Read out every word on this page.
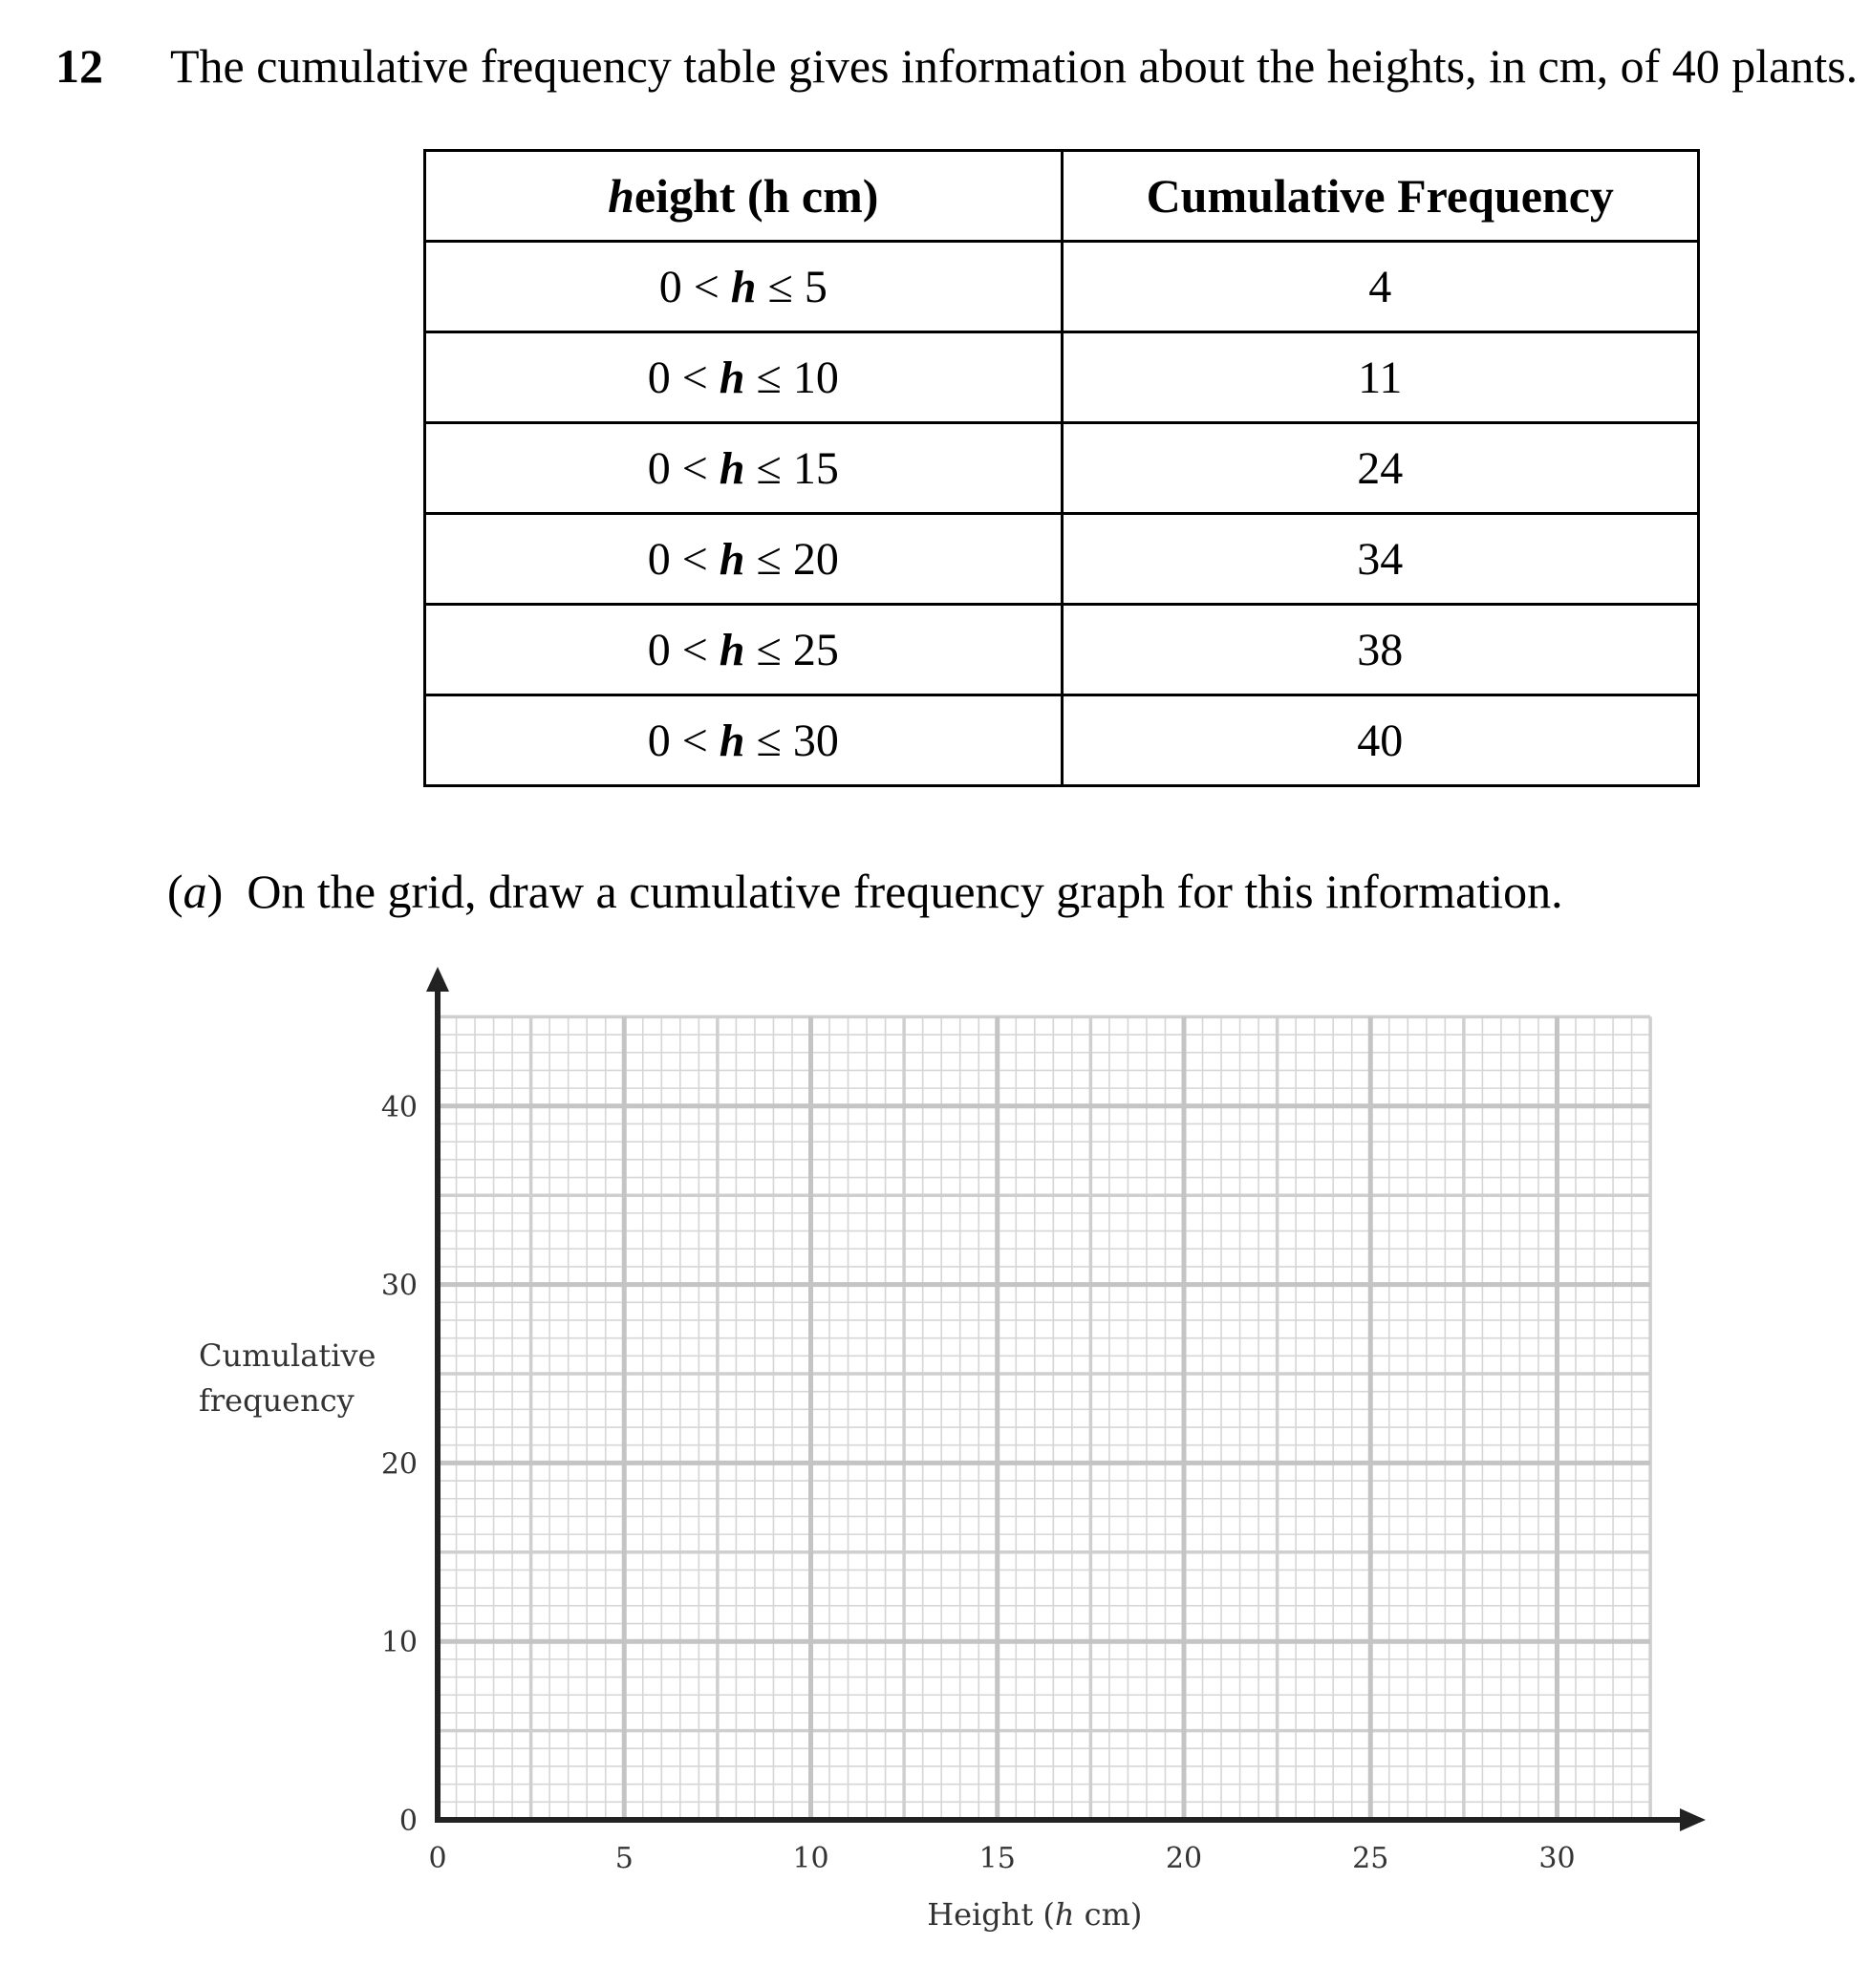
12 The cumulative frequency table gives information about the heights, in cm, of 40 plants.
height (h cm)	Cumulative Frequency
0 < h ≤ 5	4
0 < h ≤ 10	11
0 < h ≤ 15	24
0 < h ≤ 20	34
0 < h ≤ 25	38
0 < h ≤ 30	40
(a) On the grid, draw a cumulative frequency graph for this information.
0	5	10	15	20	25	30
0
10
20
30
40
Cumulative
frequency
Height (h cm)
